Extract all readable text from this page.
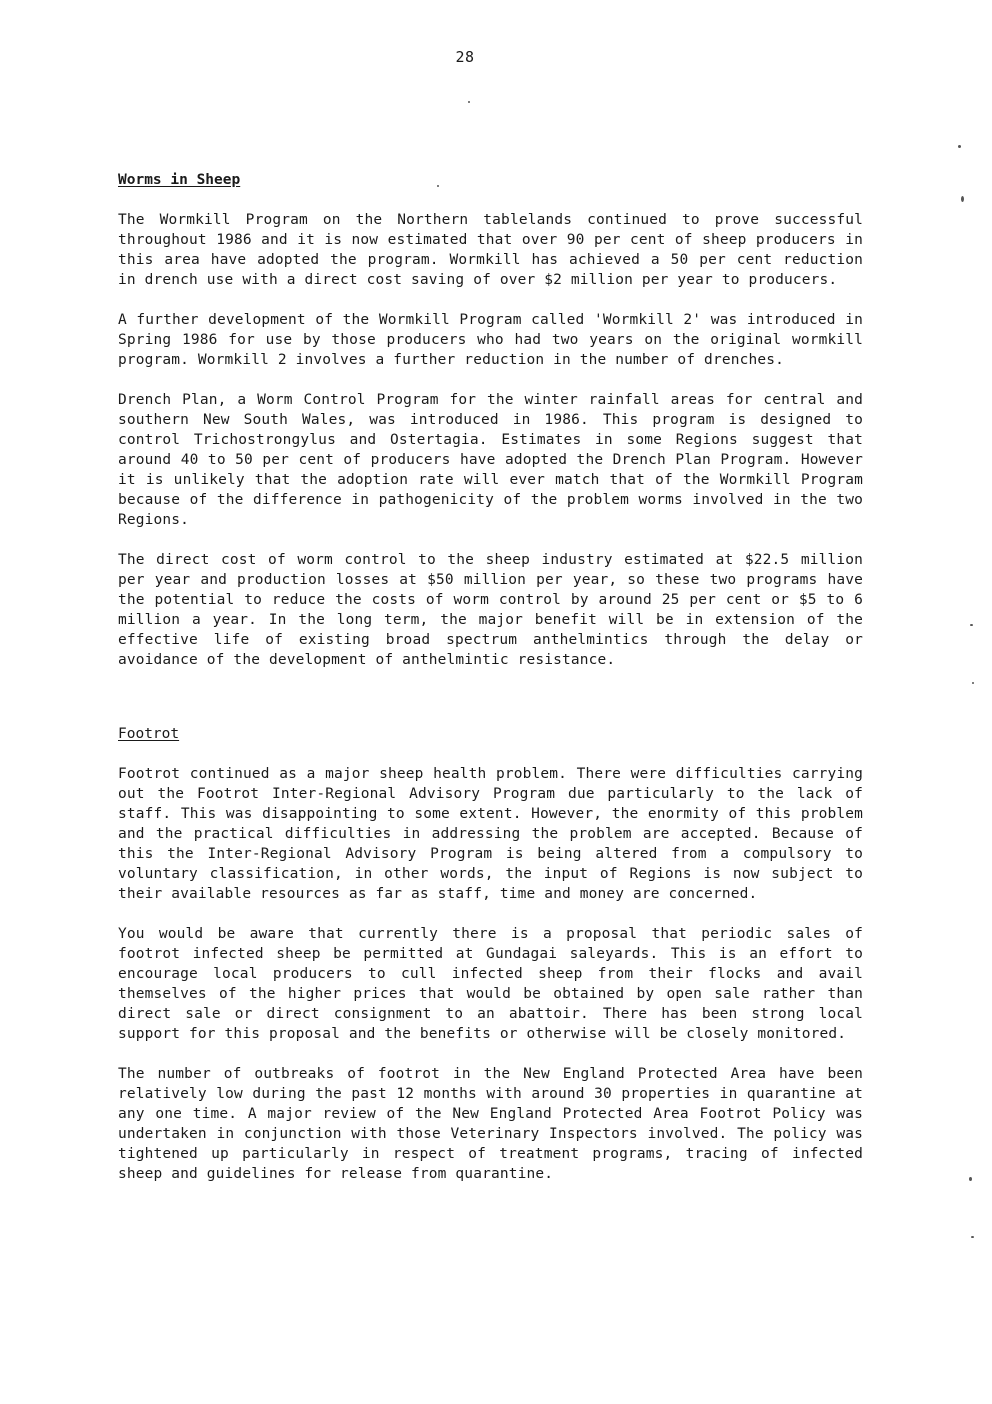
28
Worms in Sheep

The Wormkill Program on the Northern tablelands continued to prove successful throughout 1986 and it is now estimated that over 90 per cent of sheep producers in this area have adopted the program. Wormkill has achieved a 50 per cent reduction in drench use with a direct cost saving of over $2 million per year to producers.

A further development of the Wormkill Program called 'Wormkill 2' was introduced in Spring 1986 for use by those producers who had two years on the original wormkill program. Wormkill 2 involves a further reduction in the number of drenches.

Drench Plan, a Worm Control Program for the winter rainfall areas for central and southern New South Wales, was introduced in 1986. This program is designed to control Trichostrongylus and Ostertagia. Estimates in some Regions suggest that around 40 to 50 per cent of producers have adopted the Drench Plan Program. However it is unlikely that the adoption rate will ever match that of the Wormkill Program because of the difference in pathogenicity of the problem worms involved in the two Regions.

The direct cost of worm control to the sheep industry estimated at $22.5 million per year and production losses at $50 million per year, so these two programs have the potential to reduce the costs of worm control by around 25 per cent or $5 to 6 million a year. In the long term, the major benefit will be in extension of the effective life of existing broad spectrum anthelmintics through the delay or avoidance of the development of anthelmintic resistance.

Footrot

Footrot continued as a major sheep health problem. There were difficulties carrying out the Footrot Inter-Regional Advisory Program due particularly to the lack of staff. This was disappointing to some extent. However, the enormity of this problem and the practical difficulties in addressing the problem are accepted. Because of this the Inter-Regional Advisory Program is being altered from a compulsory to voluntary classification, in other words, the input of Regions is now subject to their available resources as far as staff, time and money are concerned.

You would be aware that currently there is a proposal that periodic sales of footrot infected sheep be permitted at Gundagai saleyards. This is an effort to encourage local producers to cull infected sheep from their flocks and avail themselves of the higher prices that would be obtained by open sale rather than direct sale or direct consignment to an abattoir. There has been strong local support for this proposal and the benefits or otherwise will be closely monitored.

The number of outbreaks of footrot in the New England Protected Area have been relatively low during the past 12 months with around 30 properties in quarantine at any one time. A major review of the New England Protected Area Footrot Policy was undertaken in conjunction with those Veterinary Inspectors involved. The policy was tightened up particularly in respect of treatment programs, tracing of infected sheep and guidelines for release from quarantine.
